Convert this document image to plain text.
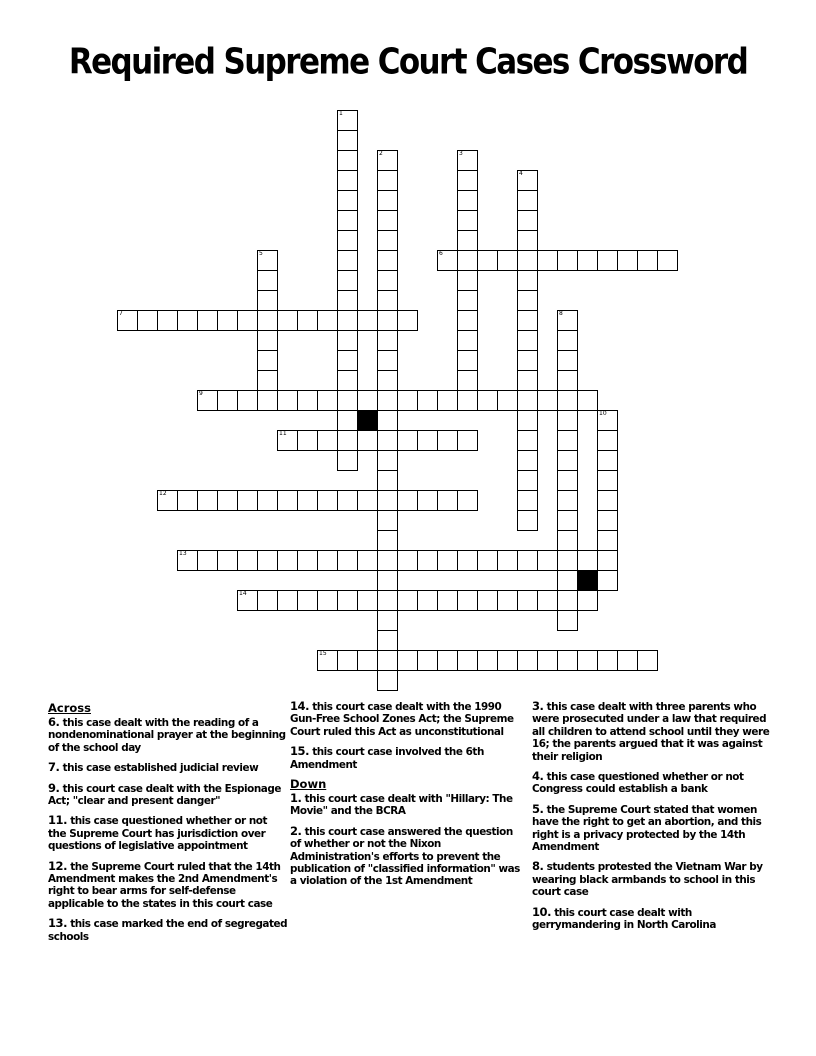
Required Supreme Court Cases Crossword
6
7
9
11
12
13
14
15
1
2	3
4
5
8
10
Across
6. this case dealt with the reading of a nondenominational prayer at the beginning of the school day
7. this case established judicial review
9. this court case dealt with the Espionage Act; "clear and present danger"
11. this case questioned whether or not the Supreme Court has jurisdiction over questions of legislative appointment
12. the Supreme Court ruled that the 14th Amendment makes the 2nd Amendment's right to bear arms for self-defense applicable to the states in this court case
13. this case marked the end of segregated schools
14. this court case dealt with the 1990 Gun-Free School Zones Act; the Supreme Court ruled this Act as unconstitutional
15. this court case involved the 6th Amendment
Down
1. this court case dealt with "Hillary: The Movie" and the BCRA
2. this court case answered the question of whether or not the Nixon Administration's efforts to prevent the publication of "classified information" was a violation of the 1st Amendment
3. this case dealt with three parents who were prosecuted under a law that required all children to attend school until they were 16; the parents argued that it was against their religion
4. this case questioned whether or not Congress could establish a bank
5. the Supreme Court stated that women have the right to get an abortion, and this right is a privacy protected by the 14th Amendment
8. students protested the Vietnam War by wearing black armbands to school in this court case
10. this court case dealt with gerrymandering in North Carolina
